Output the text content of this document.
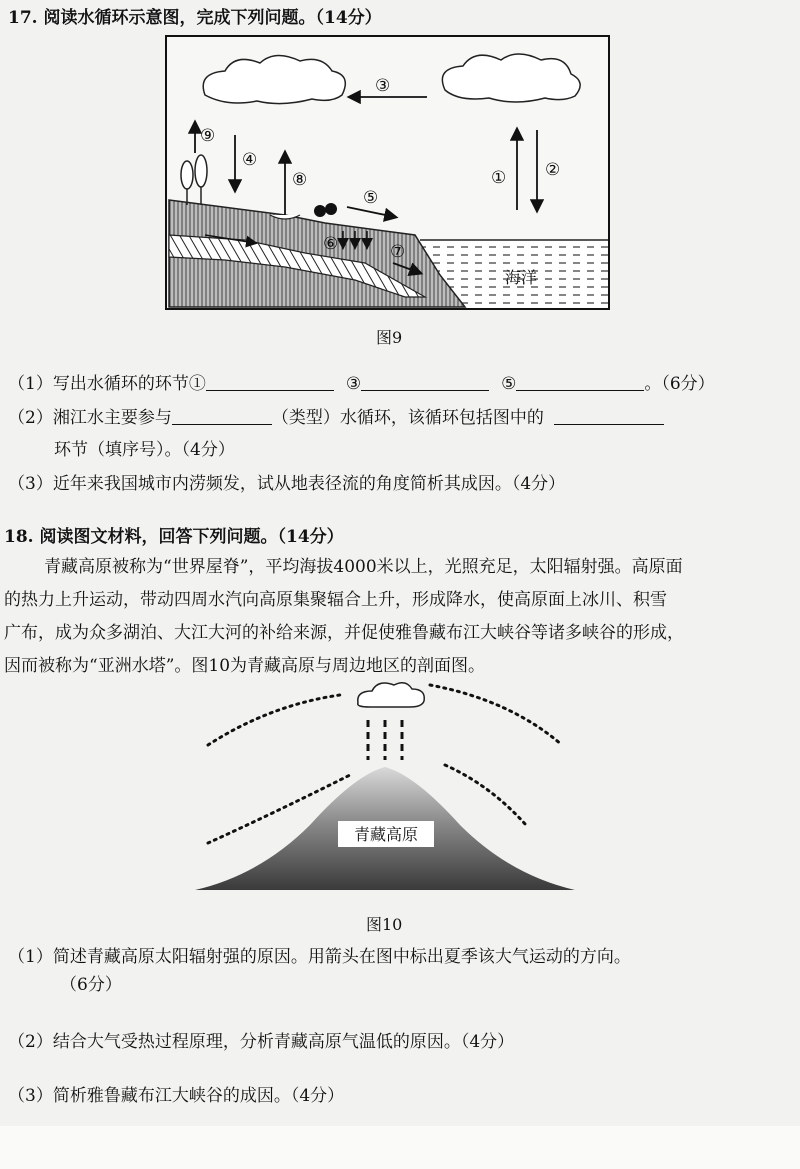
17. 阅读水循环示意图，完成下列问题。（14分）
③
⑨
④
⑧
⑤
⑥	⑦
① ②
海洋
图9
（1）写出水循环的环节①	③	⑤	。（6分）
（2）湘江水主要参与	（类型）水循环，该循环包括图中的
环节（填序号）。（4分）
（3）近年来我国城市内涝频发，试从地表径流的角度简析其成因。（4分）
18. 阅读图文材料，回答下列问题。（14分）
青藏高原被称为“世界屋脊”，平均海拔4000米以上，光照充足，太阳辐射强。高原面
的热力上升运动，带动四周水汽向高原集聚辐合上升，形成降水，使高原面上冰川、积雪
广布，成为众多湖泊、大江大河的补给来源，并促使雅鲁藏布江大峡谷等诸多峡谷的形成，
因而被称为“亚洲水塔”。图10为青藏高原与周边地区的剖面图。
青藏高原
图10
（1）简述青藏高原太阳辐射强的原因。用箭头在图中标出夏季该大气运动的方向。
（6分）
（2）结合大气受热过程原理，分析青藏高原气温低的原因。（4分）
（3）简析雅鲁藏布江大峡谷的成因。（4分）
